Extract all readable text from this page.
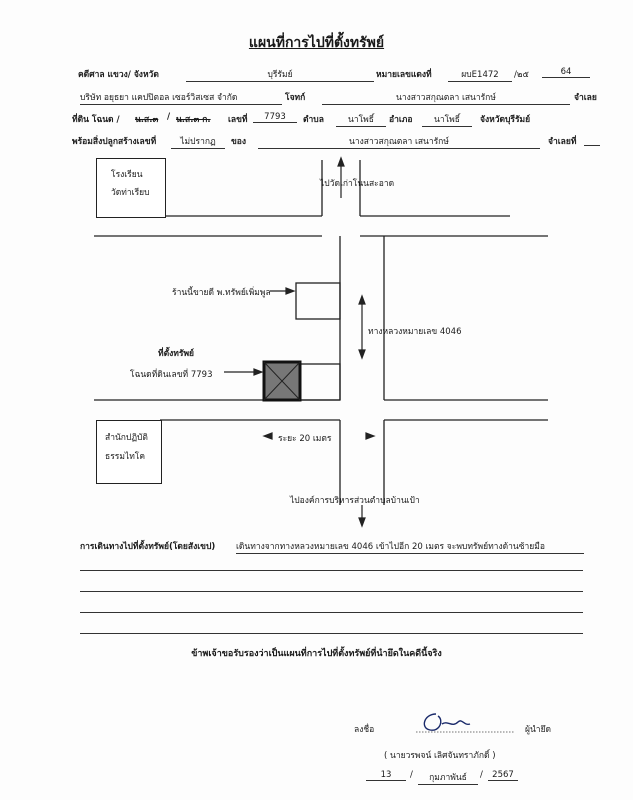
แผนที่การไปที่ตั้งทรัพย์
คดีศาล แขวง/ จังหวัด	บุรีรัมย์	หมายเลขแดงที่	ผบE1472	/๒๕	64
บริษัท อยุธยา แคปปิตอล เซอร์วิสเซส จำกัด	โจทก์	นางสาวสกุณตลา เสนารักษ์	จำเลย
ที่ดิน โฉนด / น.ส.๓ / น.ส.๓ ก. เลขที่	7793	ตำบล	นาโพธิ์	อำเภอ	นาโพธิ์	จังหวัดบุรีรัมย์
พร้อมสิ่งปลูกสร้างเลขที่	ไม่ปรากฏ	ของ	นางสาวสกุณตลา เสนารักษ์	จำเลยที่
โรงเรียน
วัดท่าเรียบ
สำนักปฏิบัติ
ธรรมไทโค
ไปวัดเก่าโนนสะอาด
ร้านนี้ขายดี พ.ทรัพย์เพิ่มพูล
ทางหลวงหมายเลข 4046
ที่ตั้งทรัพย์
โฉนดที่ดินเลขที่ 7793
ระยะ 20 เมตร
ไปองค์การบริหารส่วนตำบลบ้านเป้า
การเดินทางไปที่ตั้งทรัพย์(โดยสังเขป) เดินทางจากทางหลวงหมายเลข 4046 เข้าไปอีก 20 เมตร จะพบทรัพย์ทางด้านซ้ายมือ
ข้าพเจ้าขอรับรองว่าเป็นแผนที่การไปที่ตั้งทรัพย์ที่นำยึดในคดีนี้จริง
ลงชื่อ	ผู้นำยึด
( นายวรพจน์ เลิศจันทราภักดิ์ )
13	/	กุมภาพันธ์	/	2567
